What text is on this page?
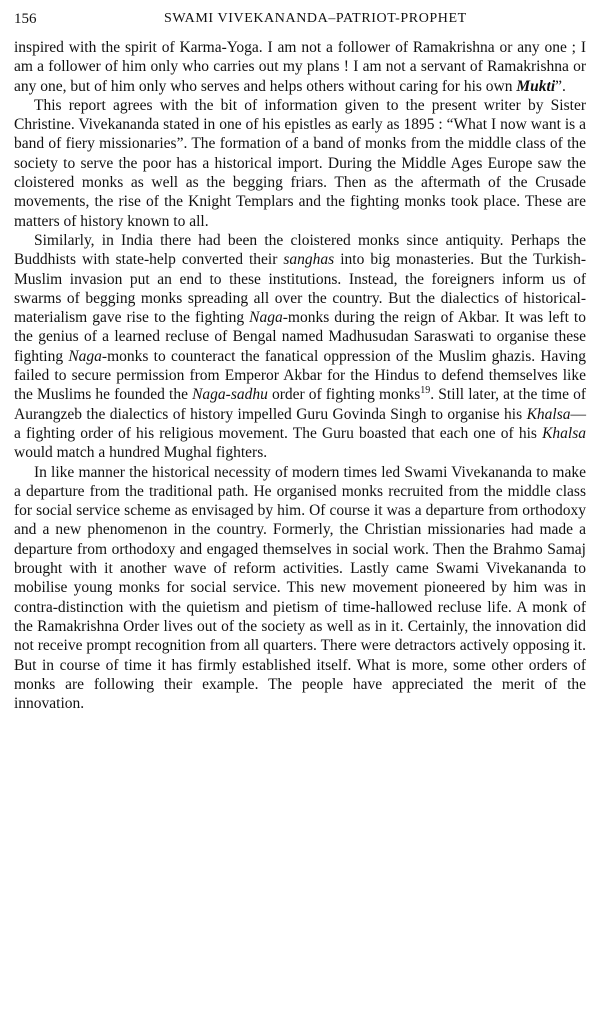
156	SWAMI VIVEKANANDA–PATRIOT-PROPHET

inspired with the spirit of Karma-Yoga. I am not a follower of Ramakrishna or any one ; I am a follower of him only who carries out my plans ! I am not a servant of Ramakrishna or any one, but of him only who serves and helps others without caring for his own Mukti”.

This report agrees with the bit of information given to the present writer by Sister Christine. Vivekananda stated in one of his epistles as early as 1895 : “What I now want is a band of fiery missionaries”. The formation of a band of monks from the middle class of the society to serve the poor has a historical import. During the Middle Ages Europe saw the cloistered monks as well as the begging friars. Then as the aftermath of the Crusade movements, the rise of the Knight Templars and the fighting monks took place. These are matters of history known to all.

Similarly, in India there had been the cloistered monks since antiquity. Perhaps the Buddhists with state-help converted their sanghas into big monasteries. But the Turkish-Muslim invasion put an end to these institutions. Instead, the foreigners inform us of swarms of begging monks spreading all over the country. But the dialectics of historical-materialism gave rise to the fighting Naga-monks during the reign of Akbar. It was left to the genius of a learned recluse of Bengal named Madhusudan Saraswati to organise these fighting Naga-monks to counteract the fanatical oppression of the Muslim ghazis. Having failed to secure permission from Emperor Akbar for the Hindus to defend themselves like the Muslims he founded the Naga-sadhu order of fighting monks$^{19}$. Still later, at the time of Aurangzeb the dialectics of history impelled Guru Govinda Singh to organise his Khalsa—a fighting order of his religious movement. The Guru boasted that each one of his Khalsa would match a hundred Mughal fighters.

In like manner the historical necessity of modern times led Swami Vivekananda to make a departure from the traditional path. He organised monks recruited from the middle class for social service scheme as envisaged by him. Of course it was a departure from orthodoxy and a new phenomenon in the country. Formerly, the Christian missionaries had made a departure from orthodoxy and engaged themselves in social work. Then the Brahmo Samaj brought with it another wave of reform activities. Lastly came Swami Vivekananda to mobilise young monks for social service. This new movement pioneered by him was in contra-distinction with the quietism and pietism of time-hallowed recluse life. A monk of the Ramakrishna Order lives out of the society as well as in it. Certainly, the innovation did not receive prompt recognition from all quarters. There were detractors actively opposing it. But in course of time it has firmly established itself. What is more, some other orders of monks are following their example. The people have appreciated the merit of the innovation.
